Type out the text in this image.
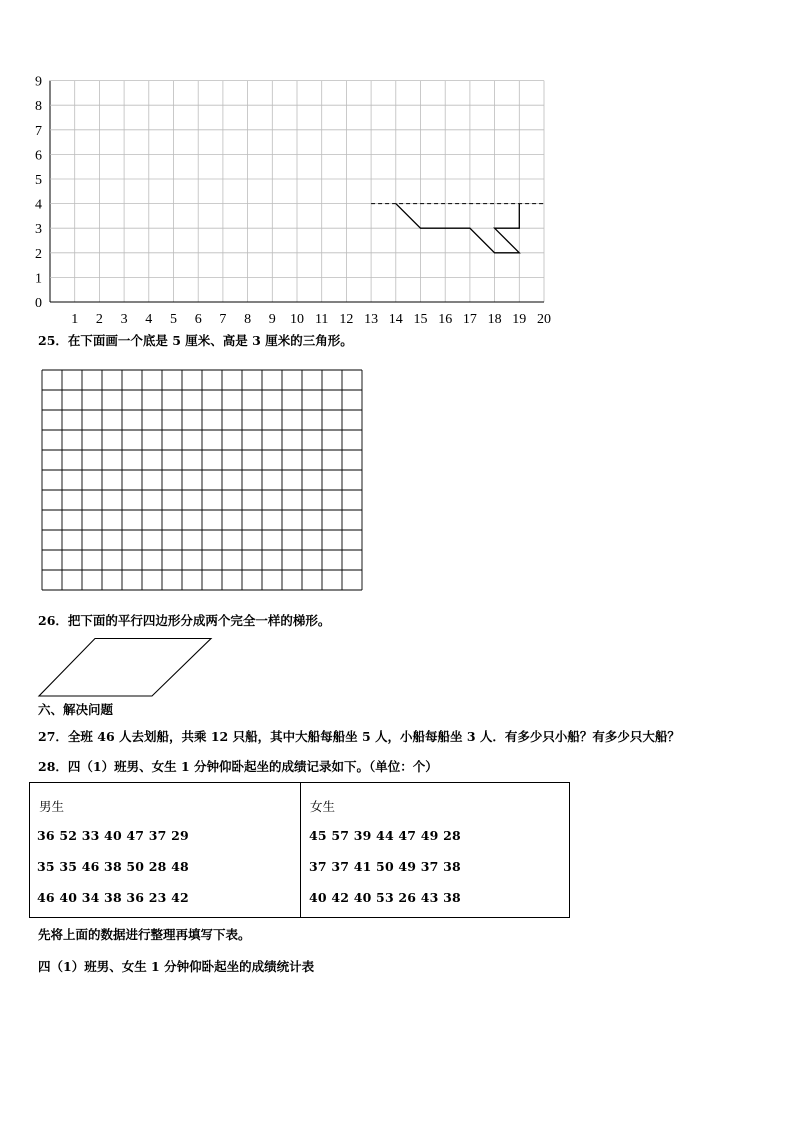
0
1
2
3
4
5
6
7
8
9
1 2 3 4 5 6 7 8 9 10 11 12 13 14 15 16 17 18 19 20
25．在下面画一个底是 5 厘米、高是 3 厘米的三角形。
26．把下面的平行四边形分成两个完全一样的梯形。
六、解决问题
27．全班 46 人去划船，共乘 12 只船，其中大船每船坐 5 人，小船每船坐 3 人．有多少只小船？有多少只大船？
28．四（1）班男、女生 1 分钟仰卧起坐的成绩记录如下。（单位：个）
男生
36 52 33 40 47 37 29
35 35 46 38 50 28 48
46 40 34 38 36 23 42
女生
45 57 39 44 47 49 28
37 37 41 50 49 37 38
40 42 40 53 26 43 38
先将上面的数据进行整理再填写下表。
四（1）班男、女生 1 分钟仰卧起坐的成绩统计表
